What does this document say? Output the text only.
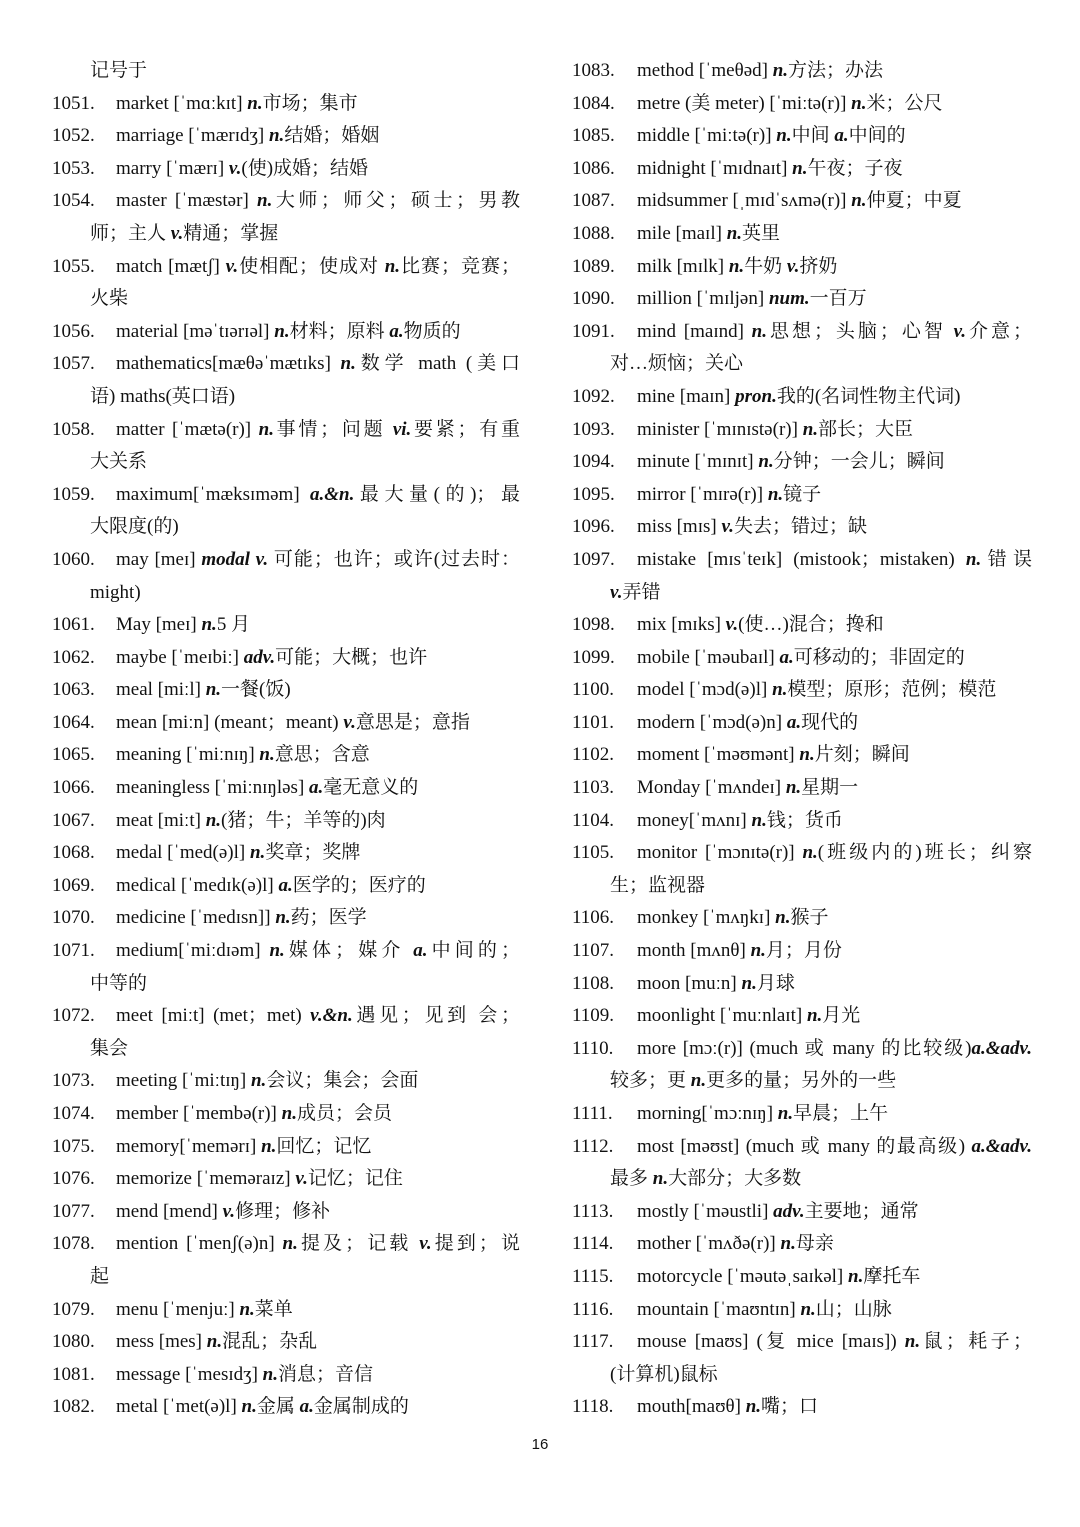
记号于
1051. market [ˈmɑːkɪt] n.市场；集市
1052. marriage [ˈmærɪdʒ] n.结婚；婚姻
1053. marry [ˈmærɪ] v.(使)成婚；结婚
1054. master [ˈmæstər] n.大师；师父；硕士；男教
师；主人 v.精通；掌握
1055. match [mætʃ] v.使相配；使成对 n.比赛；竞赛；
火柴
1056. material [məˈtɪərɪəl] n.材料；原料 a.物质的
1057. mathematics[mæθəˈmætɪks] n.数学 math (美口
语) maths(英口语)
1058. matter [ˈmætə(r)] n.事情；问题 vi.要紧；有重
大关系
1059. maximum[ˈmæksɪməm] a.&n.最大量(的)；最
大限度(的)
1060. may [meɪ] modal v. 可能；也许；或许(过去时：
might)
1061. May [meɪ] n.5 月
1062. maybe [ˈmeɪbiː] adv.可能；大概；也许
1063. meal [miːl] n.一餐(饭)
1064. mean [miːn] (meant；meant) v.意思是；意指
1065. meaning [ˈmiːnɪŋ] n.意思；含意
1066. meaningless [ˈmiːnɪŋləs] a.毫无意义的
1067. meat [miːt] n.(猪；牛；羊等的)肉
1068. medal [ˈmed(ə)l] n.奖章；奖牌
1069. medical [ˈmedɪk(ə)l] a.医学的；医疗的
1070. medicine [ˈmedɪsn]] n.药；医学
1071. medium[ˈmiːdɪəm] n.媒体；媒介 a.中间的；
中等的
1072. meet [miːt] (met；met) v.&n.遇见；见到 会；
集会
1073. meeting [ˈmiːtɪŋ] n.会议；集会；会面
1074. member [ˈmembə(r)] n.成员；会员
1075. memory[ˈmemərɪ] n.回忆；记忆
1076. memorize [ˈmeməraɪz] v.记忆；记住
1077. mend [mend] v.修理；修补
1078. mention [ˈmenʃ(ə)n] n.提及；记载 v.提到；说
起
1079. menu [ˈmenjuː] n.菜单
1080. mess [mes] n.混乱；杂乱
1081. message [ˈmesɪdʒ] n.消息；音信
1082. metal [ˈmet(ə)l] n.金属 a.金属制成的
1083. method [ˈmeθəd] n.方法；办法
1084. metre (美 meter) [ˈmiːtə(r)] n.米；公尺
1085. middle [ˈmiːtə(r)] n.中间 a.中间的
1086. midnight [ˈmɪdnaɪt] n.午夜；子夜
1087. midsummer [ˌmɪdˈsʌmə(r)] n.仲夏；中夏
1088. mile [maɪl] n.英里
1089. milk [mɪlk] n.牛奶 v.挤奶
1090. million [ˈmɪljən] num.一百万
1091. mind [maɪnd] n.思想；头脑；心智 v.介意；
对…烦恼；关心
1092. mine [maɪn] pron.我的(名词性物主代词)
1093. minister [ˈmɪnɪstə(r)] n.部长；大臣
1094. minute [ˈmɪnɪt] n.分钟；一会儿；瞬间
1095. mirror [ˈmɪrə(r)] n.镜子
1096. miss [mɪs] v.失去；错过；缺
1097. mistake [mɪsˈteɪk] (mistook；mistaken) n.错误
v.弄错
1098. mix [mɪks] v.(使…)混合；搀和
1099. mobile [ˈməubaɪl] a.可移动的；非固定的
1100. model [ˈmɔd(ə)l] n.模型；原形；范例；模范
1101. modern [ˈmɔd(ə)n] a.现代的
1102. moment [ˈməʊmənt] n.片刻；瞬间
1103. Monday [ˈmʌndeɪ] n.星期一
1104. money[ˈmʌnɪ] n.钱；货币
1105. monitor [ˈmɔnɪtə(r)] n.(班级内的)班长；纠察
生；监视器
1106. monkey [ˈmʌŋkɪ] n.猴子
1107. month [mʌnθ] n.月；月份
1108. moon [muːn] n.月球
1109. moonlight [ˈmuːnlaɪt] n.月光
1110. more [mɔː(r)] (much 或 many 的比较级)a.&adv.
较多；更 n.更多的量；另外的一些
1111. morning[ˈmɔːnɪŋ] n.早晨；上午
1112. most [məʊst] (much 或 many 的最高级) a.&adv.
最多 n.大部分；大多数
1113. mostly [ˈməustli] adv.主要地；通常
1114. mother [ˈmʌðə(r)] n.母亲
1115. motorcycle [ˈməutəˌsaɪkəl] n.摩托车
1116. mountain [ˈmaʊntɪn] n.山；山脉
1117. mouse [maʊs] (复 mice [maɪs]) n.鼠；耗子；
(计算机)鼠标
1118. mouth[maʊθ] n.嘴；口
16
